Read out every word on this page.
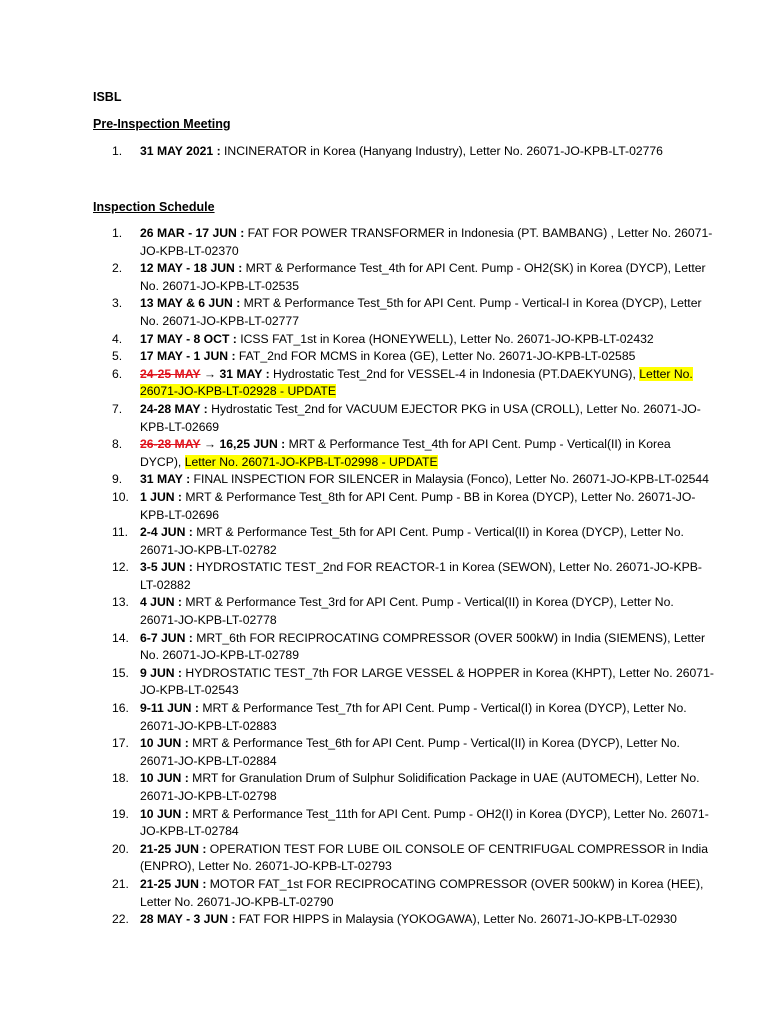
ISBL
Pre-Inspection Meeting
1.	31 MAY 2021 : INCINERATOR in Korea (Hanyang Industry), Letter No. 26071-JO-KPB-LT-02776
Inspection Schedule
1.	26 MAR - 17 JUN : FAT FOR POWER TRANSFORMER in Indonesia (PT. BAMBANG) , Letter No. 26071-JO-KPB-LT-02370
2.	12 MAY - 18 JUN : MRT & Performance Test_4th for API Cent. Pump - OH2(SK) in Korea (DYCP), Letter No. 26071-JO-KPB-LT-02535
3.	13 MAY & 6 JUN : MRT & Performance Test_5th for API Cent. Pump - Vertical-I in Korea (DYCP), Letter No. 26071-JO-KPB-LT-02777
4.	17 MAY - 8 OCT : ICSS FAT_1st in Korea (HONEYWELL), Letter No. 26071-JO-KPB-LT-02432
5.	17 MAY - 1 JUN : FAT_2nd FOR MCMS in Korea (GE), Letter No. 26071-JO-KPB-LT-02585
6.	24-25 MAY → 31 MAY : Hydrostatic Test_2nd for VESSEL-4 in Indonesia (PT.DAEKYUNG), Letter No. 26071-JO-KPB-LT-02928 - UPDATE
7.	24-28 MAY : Hydrostatic Test_2nd for VACUUM EJECTOR PKG in USA (CROLL), Letter No. 26071-JO-KPB-LT-02669
8.	26-28 MAY → 16,25 JUN : MRT & Performance Test_4th for API Cent. Pump - Vertical(II) in Korea DYCP), Letter No. 26071-JO-KPB-LT-02998 - UPDATE
9.	31 MAY : FINAL INSPECTION FOR SILENCER in Malaysia (Fonco), Letter No. 26071-JO-KPB-LT-02544
10. 1 JUN : MRT & Performance Test_8th for API Cent. Pump - BB in Korea (DYCP), Letter No. 26071-JO-KPB-LT-02696
11. 2-4 JUN : MRT & Performance Test_5th for API Cent. Pump - Vertical(II) in Korea (DYCP), Letter No. 26071-JO-KPB-LT-02782
12. 3-5 JUN : HYDROSTATIC TEST_2nd FOR REACTOR-1 in Korea (SEWON), Letter No. 26071-JO-KPB-LT-02882
13. 4 JUN : MRT & Performance Test_3rd for API Cent. Pump - Vertical(II) in Korea (DYCP), Letter No. 26071-JO-KPB-LT-02778
14. 6-7 JUN : MRT_6th FOR RECIPROCATING COMPRESSOR (OVER 500kW) in India (SIEMENS), Letter No. 26071-JO-KPB-LT-02789
15. 9 JUN : HYDROSTATIC TEST_7th FOR LARGE VESSEL & HOPPER in Korea (KHPT), Letter No. 26071-JO-KPB-LT-02543
16. 9-11 JUN : MRT & Performance Test_7th for API Cent. Pump - Vertical(I) in Korea (DYCP), Letter No. 26071-JO-KPB-LT-02883
17. 10 JUN : MRT & Performance Test_6th for API Cent. Pump - Vertical(II) in Korea (DYCP), Letter No. 26071-JO-KPB-LT-02884
18. 10 JUN : MRT for Granulation Drum of Sulphur Solidification Package in UAE (AUTOMECH), Letter No. 26071-JO-KPB-LT-02798
19. 10 JUN : MRT & Performance Test_11th for API Cent. Pump - OH2(I) in Korea (DYCP), Letter No. 26071-JO-KPB-LT-02784
20. 21-25 JUN : OPERATION TEST FOR LUBE OIL CONSOLE OF CENTRIFUGAL COMPRESSOR in India (ENPRO), Letter No. 26071-JO-KPB-LT-02793
21. 21-25 JUN : MOTOR FAT_1st FOR RECIPROCATING COMPRESSOR (OVER 500kW) in Korea (HEE), Letter No. 26071-JO-KPB-LT-02790
22. 28 MAY - 3 JUN : FAT FOR HIPPS in Malaysia (YOKOGAWA), Letter No. 26071-JO-KPB-LT-02930
